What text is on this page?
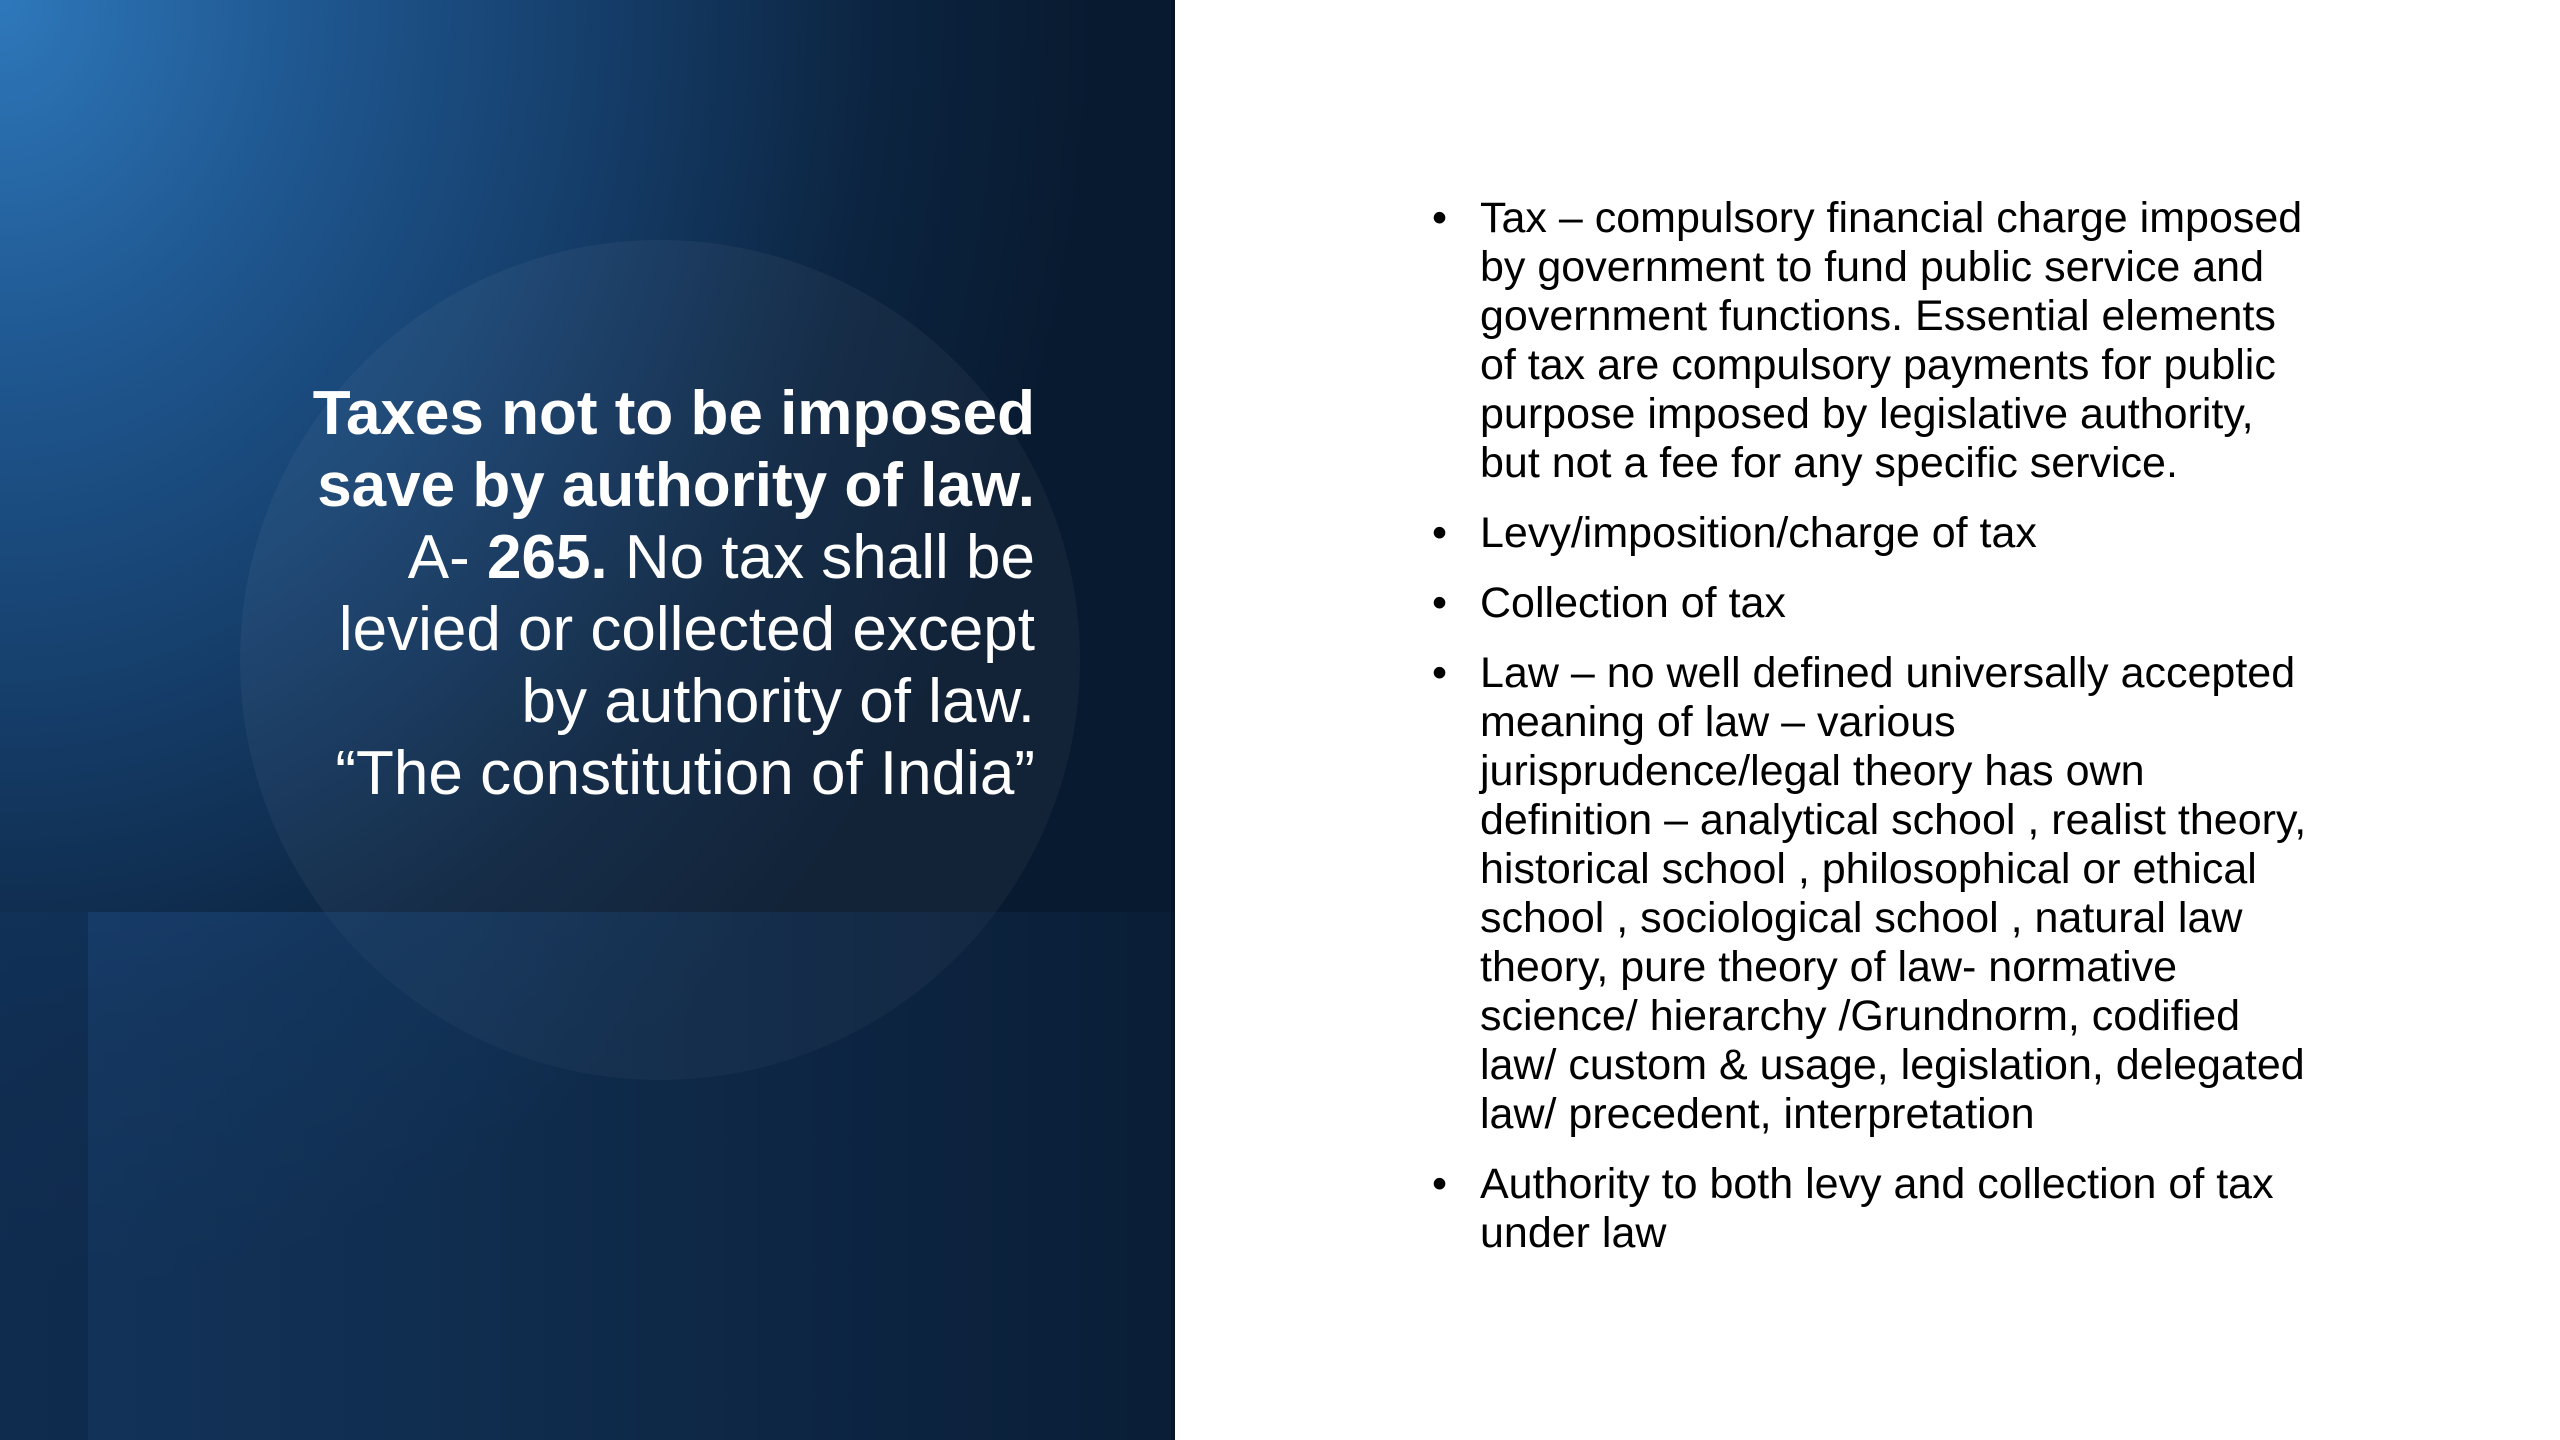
Taxes not to be imposed
save by authority of law.
A- 265. No tax shall be
levied or collected except
by authority of law.
“The constitution of India”
• Tax – compulsory financial charge imposed
by government to fund public service and
government functions. Essential elements
of tax are compulsory payments for public
purpose imposed by legislative authority,
but not a fee for any specific service.
• Levy/imposition/charge of tax
• Collection of tax
• Law – no well defined universally accepted
meaning of law – various
jurisprudence/legal theory has own
definition – analytical school , realist theory,
historical school , philosophical or ethical
school , sociological school , natural law
theory, pure theory of law- normative
science/ hierarchy /Grundnorm, codified
law/ custom & usage, legislation, delegated
law/ precedent, interpretation
• Authority to both levy and collection of tax
under law
